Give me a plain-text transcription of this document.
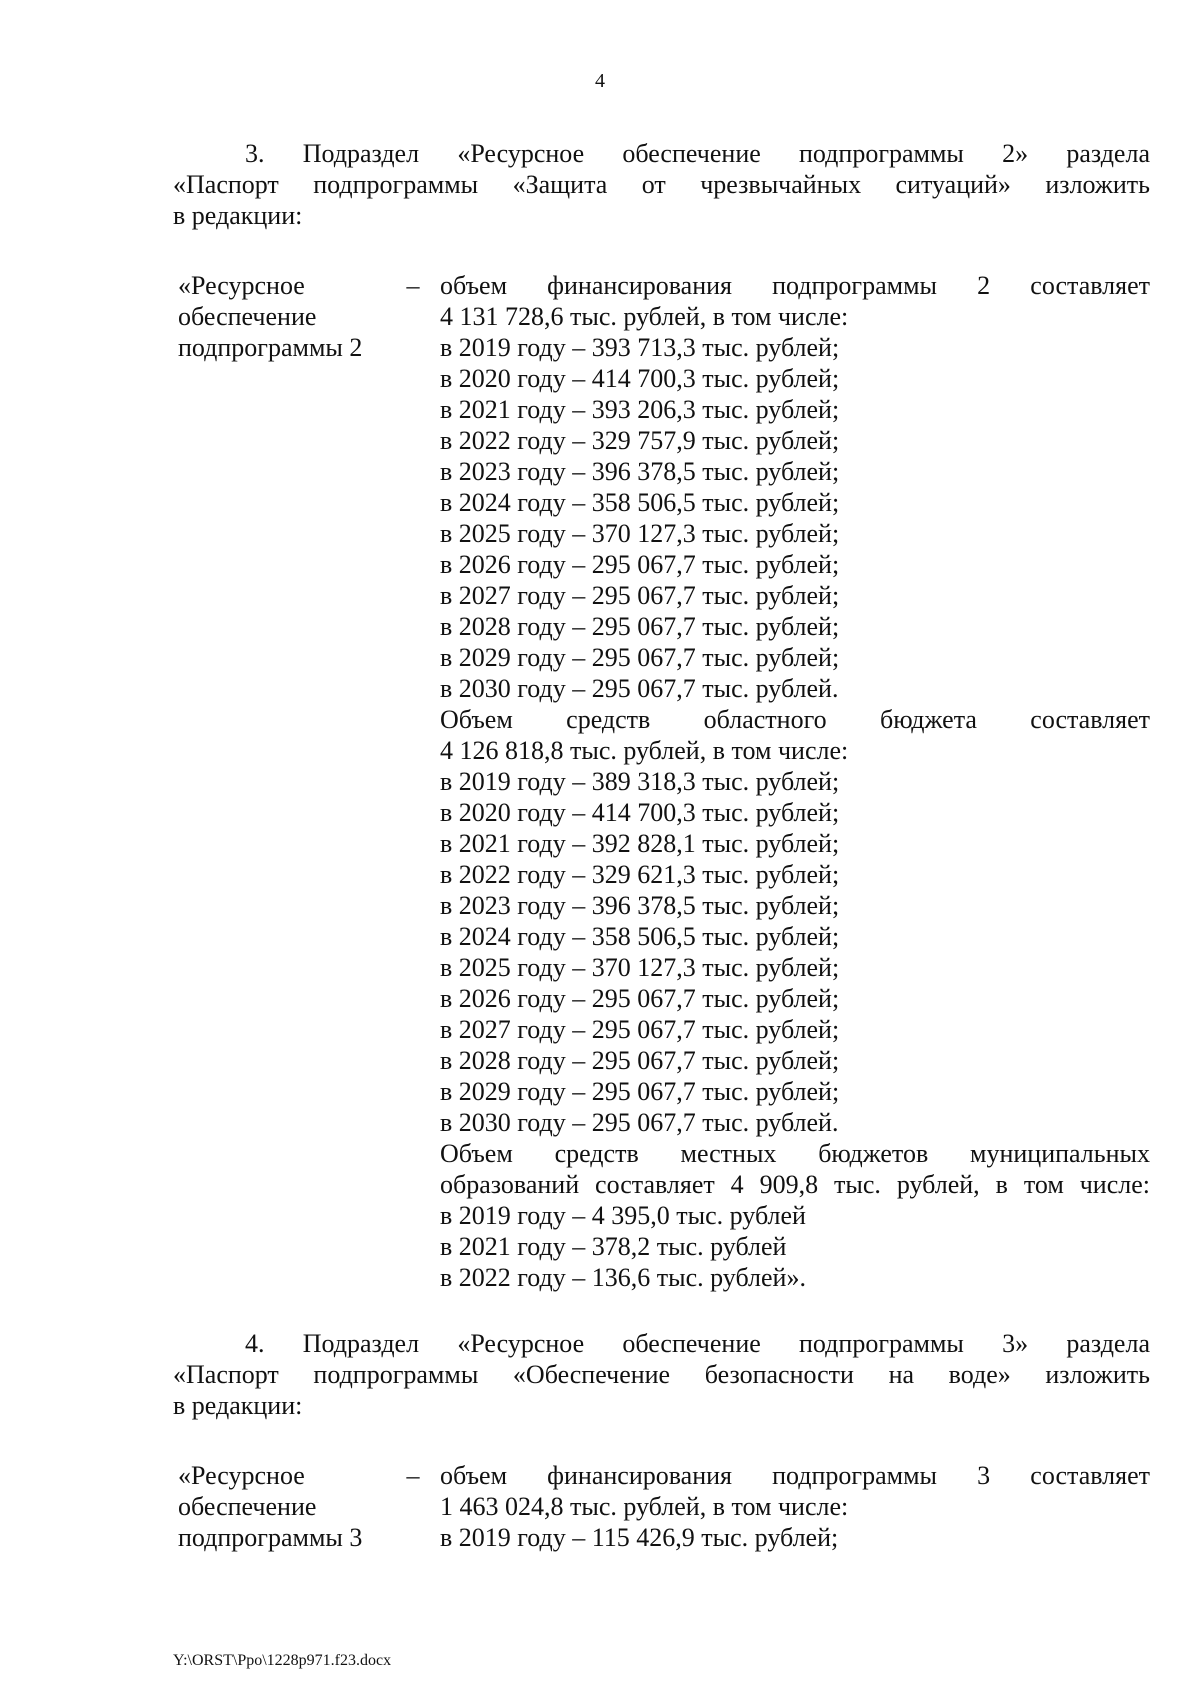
4
3. Подраздел «Ресурсное обеспечение подпрограммы 2» раздела
«Паспорт подпрограммы «Защита от чрезвычайных ситуаций» изложить
в редакции:
«Ресурсное
обеспечение
подпрограммы 2
– объем финансирования подпрограммы 2 составляет
4 131 728,6 тыс. рублей, в том числе:
в 2019 году – 393 713,3 тыс. рублей;
в 2020 году – 414 700,3 тыс. рублей;
в 2021 году – 393 206,3 тыс. рублей;
в 2022 году – 329 757,9 тыс. рублей;
в 2023 году – 396 378,5 тыс. рублей;
в 2024 году – 358 506,5 тыс. рублей;
в 2025 году – 370 127,3 тыс. рублей;
в 2026 году – 295 067,7 тыс. рублей;
в 2027 году – 295 067,7 тыс. рублей;
в 2028 году – 295 067,7 тыс. рублей;
в 2029 году – 295 067,7 тыс. рублей;
в 2030 году – 295 067,7 тыс. рублей.
Объем средств областного бюджета составляет
4 126 818,8 тыс. рублей, в том числе:
в 2019 году – 389 318,3 тыс. рублей;
в 2020 году – 414 700,3 тыс. рублей;
в 2021 году – 392 828,1 тыс. рублей;
в 2022 году – 329 621,3 тыс. рублей;
в 2023 году – 396 378,5 тыс. рублей;
в 2024 году – 358 506,5 тыс. рублей;
в 2025 году – 370 127,3 тыс. рублей;
в 2026 году – 295 067,7 тыс. рублей;
в 2027 году – 295 067,7 тыс. рублей;
в 2028 году – 295 067,7 тыс. рублей;
в 2029 году – 295 067,7 тыс. рублей;
в 2030 году – 295 067,7 тыс. рублей.
Объем средств местных бюджетов муниципальных
образований составляет 4 909,8 тыс. рублей, в том числе:
в 2019 году – 4 395,0 тыс. рублей
в 2021 году – 378,2 тыс. рублей
в 2022 году – 136,6 тыс. рублей».
4. Подраздел «Ресурсное обеспечение подпрограммы 3» раздела
«Паспорт подпрограммы «Обеспечение безопасности на воде» изложить
в редакции:
«Ресурсное
обеспечение
подпрограммы 3
– объем финансирования подпрограммы 3 составляет
1 463 024,8 тыс. рублей, в том числе:
в 2019 году – 115 426,9 тыс. рублей;
Y:\ORST\Ppo\1228p971.f23.docx
